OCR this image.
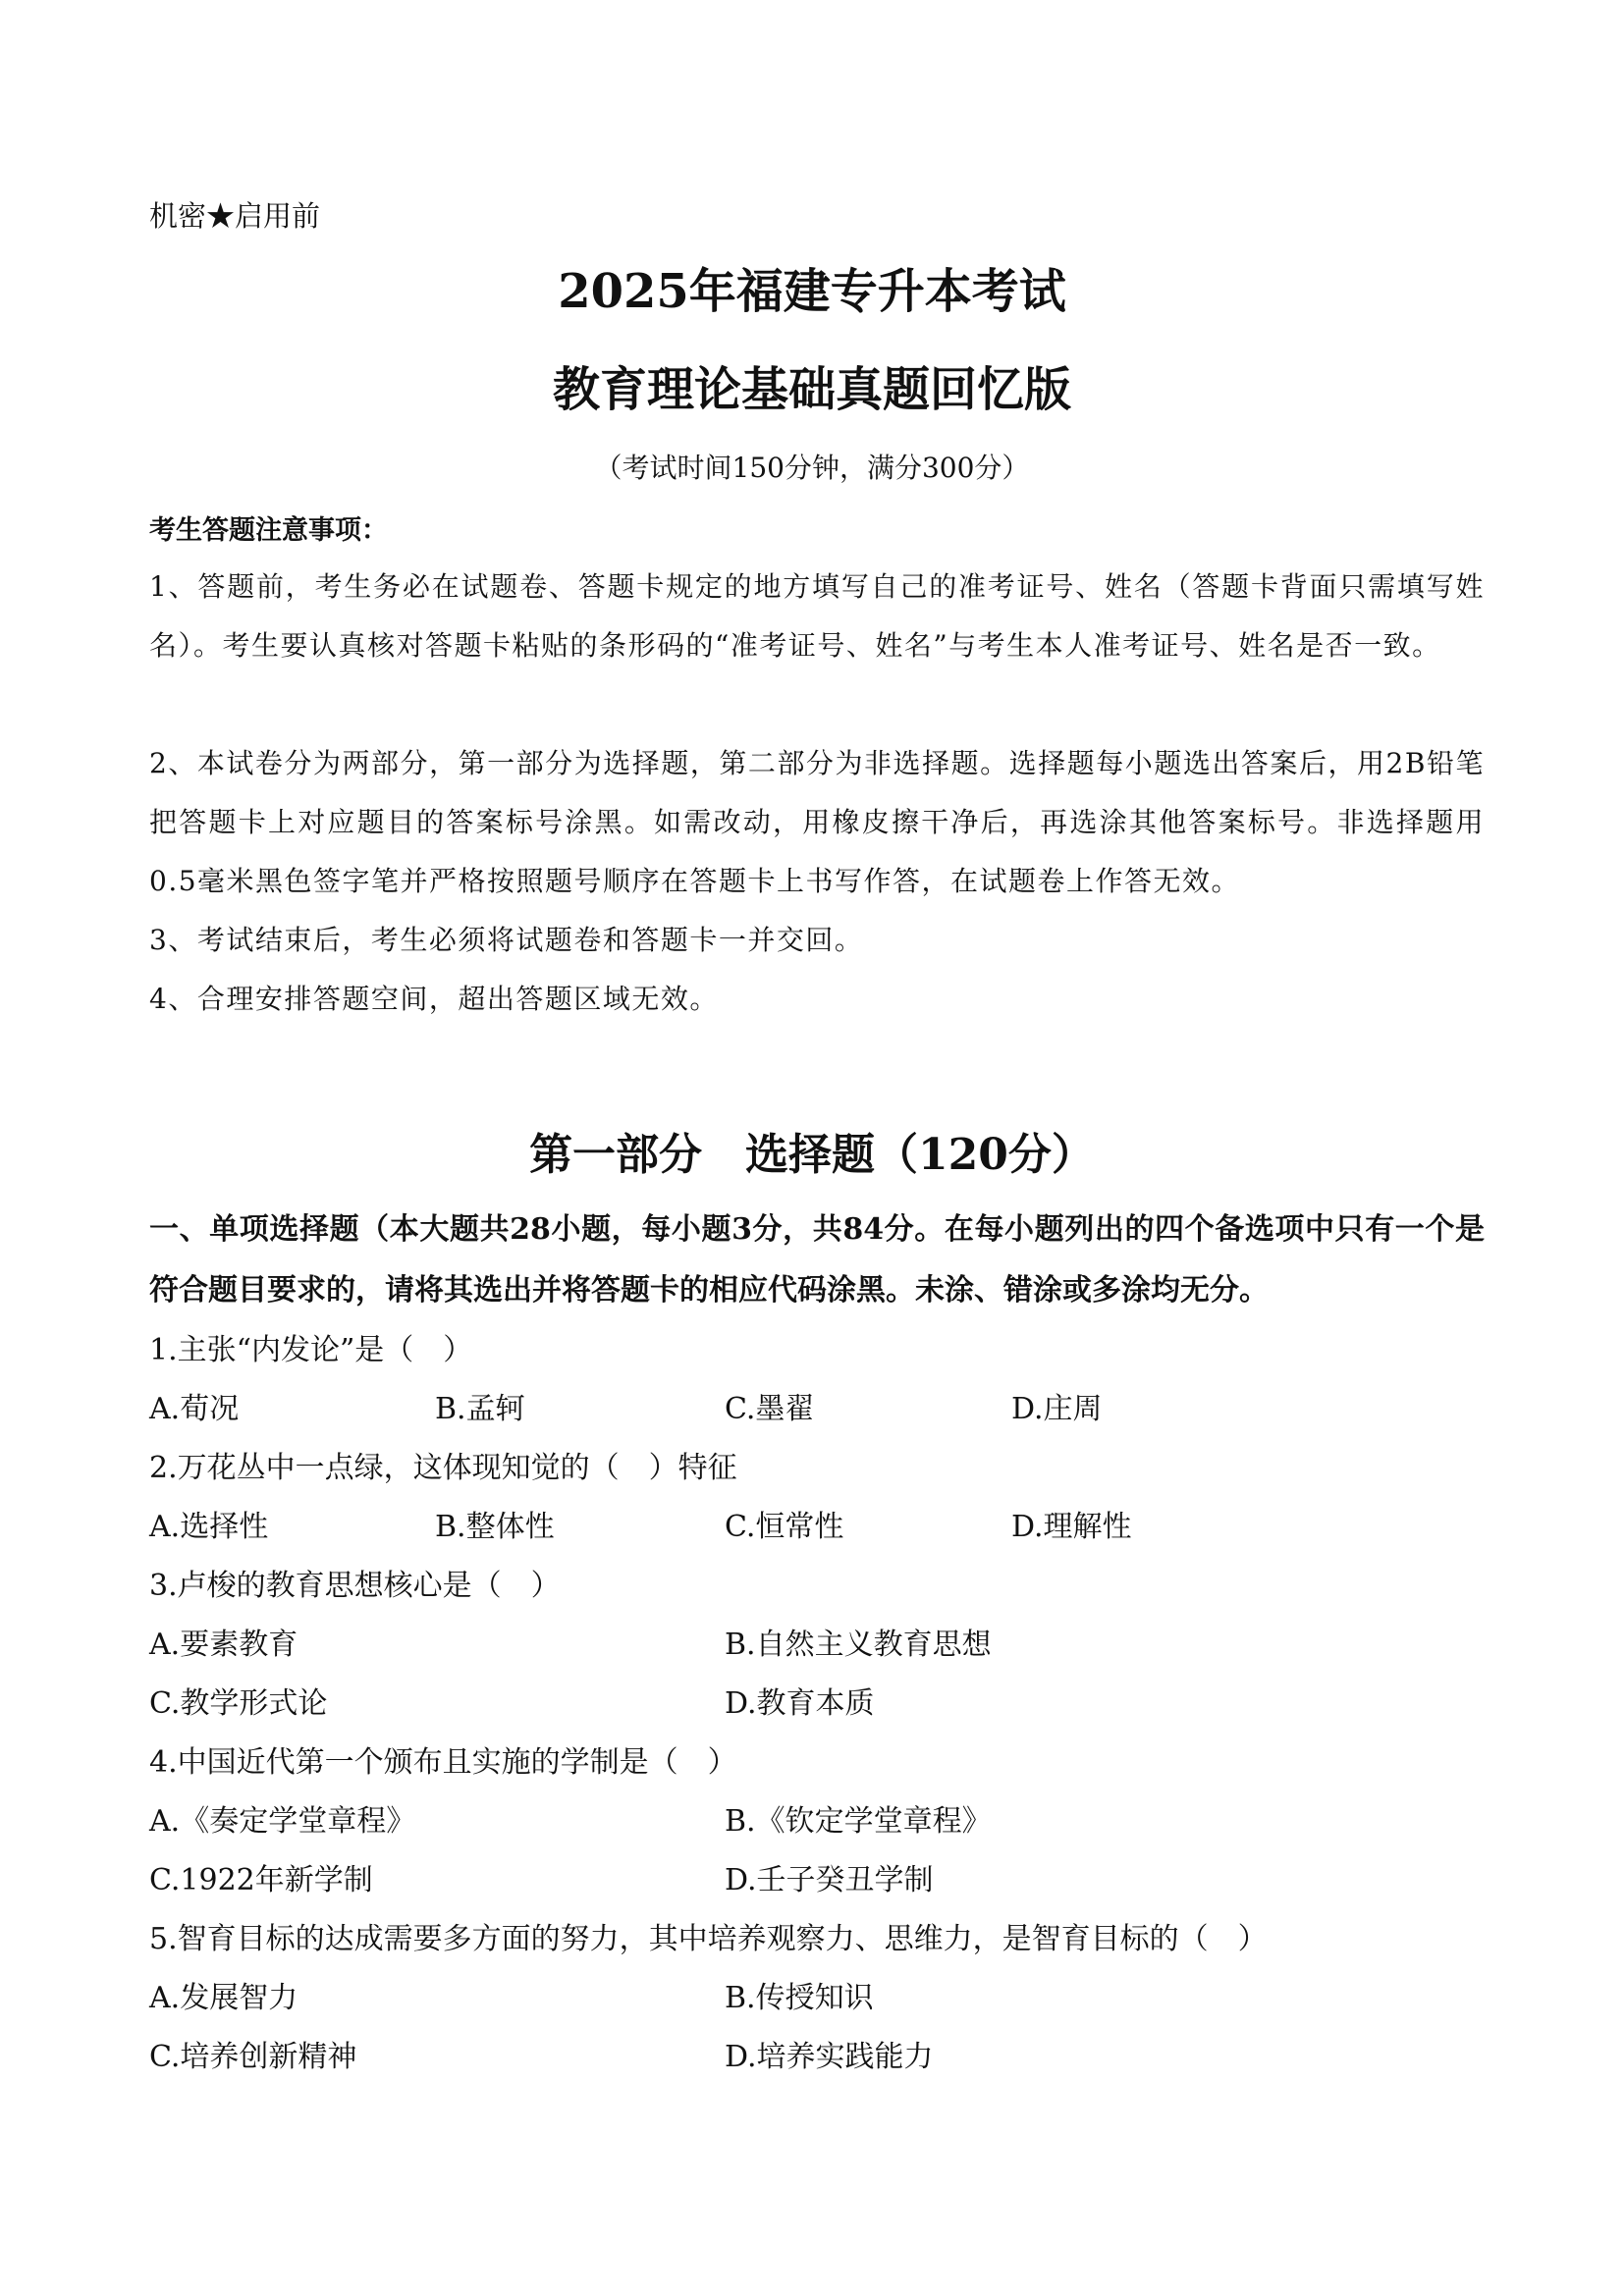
机密★启用前
2025年福建专升本考试
教育理论基础真题回忆版
（考试时间150分钟，满分300分）
考生答题注意事项：
1、答题前，考生务必在试题卷、答题卡规定的地方填写自己的准考证号、姓名（答题卡背面只需填写姓名）。考生要认真核对答题卡粘贴的条形码的“准考证号、姓名”与考生本人准考证号、姓名是否一致。
2、本试卷分为两部分，第一部分为选择题，第二部分为非选择题。选择题每小题选出答案后，用2B铅笔把答题卡上对应题目的答案标号涂黑。如需改动，用橡皮擦干净后，再选涂其他答案标号。非选择题用0.5毫米黑色签字笔并严格按照题号顺序在答题卡上书写作答，在试题卷上作答无效。
3、考试结束后，考生必须将试题卷和答题卡一并交回。
4、合理安排答题空间，超出答题区域无效。
第一部分　选择题（120分）
一、单项选择题（本大题共28小题，每小题3分，共84分。在每小题列出的四个备选项中只有一个是符合题目要求的，请将其选出并将答题卡的相应代码涂黑。未涂、错涂或多涂均无分。
1.主张“内发论”是（　）
A.荀况	B.孟轲	C.墨翟	D.庄周
2.万花丛中一点绿，这体现知觉的（　）特征
A.选择性	B.整体性	C.恒常性	D.理解性
3.卢梭的教育思想核心是（　）
A.要素教育	B.自然主义教育思想
C.教学形式论	D.教育本质
4.中国近代第一个颁布且实施的学制是（　）
A.《奏定学堂章程》	B.《钦定学堂章程》
C.1922年新学制	D.壬子癸丑学制
5.智育目标的达成需要多方面的努力，其中培养观察力、思维力，是智育目标的（　）
A.发展智力	B.传授知识
C.培养创新精神	D.培养实践能力
